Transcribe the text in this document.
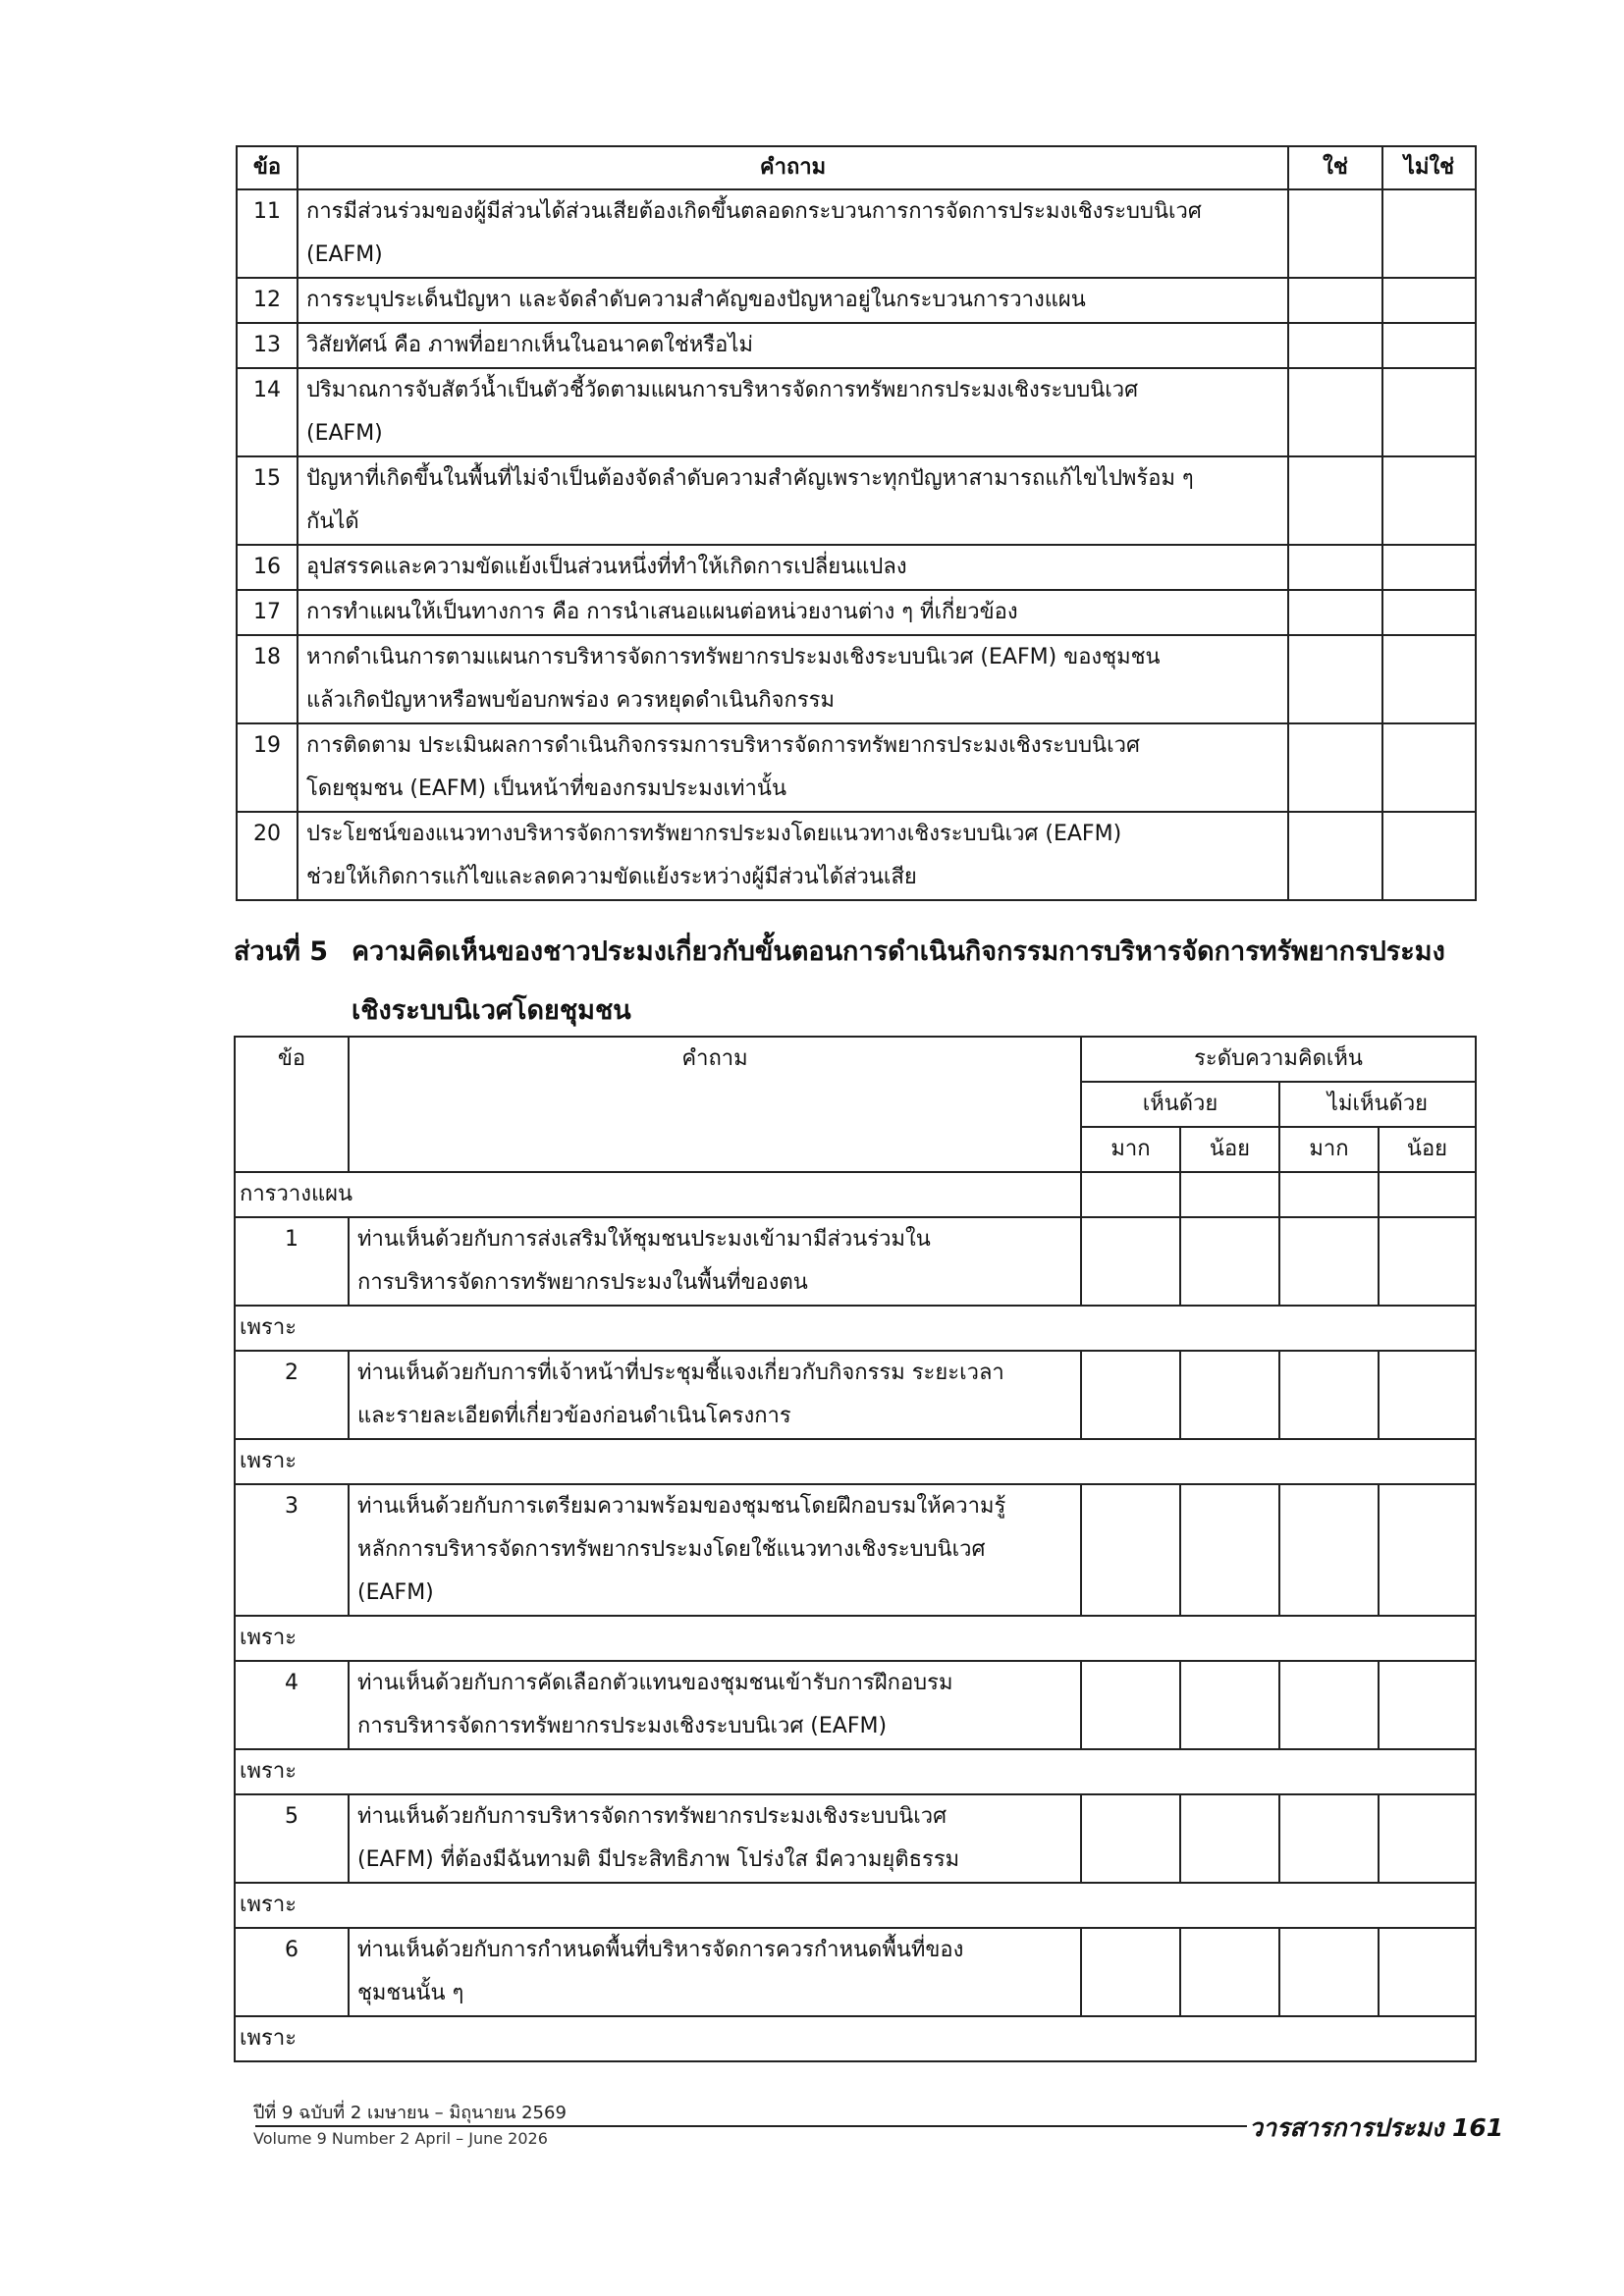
ข้อ	คำถาม	ใช่	ไม่ใช่
11	การมีส่วนร่วมของผู้มีส่วนได้ส่วนเสียต้องเกิดขึ้นตลอดกระบวนการการจัดการประมงเชิงระบบนิเวศ
(EAFM)		

12	การระบุประเด็นปัญหา และจัดลำดับความสำคัญของปัญหาอยู่ในกระบวนการวางแผน		

13	วิสัยทัศน์ คือ ภาพที่อยากเห็นในอนาคตใช่หรือไม่		

14	ปริมาณการจับสัตว์น้ำเป็นตัวชี้วัดตามแผนการบริหารจัดการทรัพยากรประมงเชิงระบบนิเวศ
(EAFM)		

15	ปัญหาที่เกิดขึ้นในพื้นที่ไม่จำเป็นต้องจัดลำดับความสำคัญเพราะทุกปัญหาสามารถแก้ไขไปพร้อม ๆ
กันได้		

16	อุปสรรคและความขัดแย้งเป็นส่วนหนึ่งที่ทำให้เกิดการเปลี่ยนแปลง		

17	การทำแผนให้เป็นทางการ คือ การนำเสนอแผนต่อหน่วยงานต่าง ๆ ที่เกี่ยวข้อง		

18	หากดำเนินการตามแผนการบริหารจัดการทรัพยากรประมงเชิงระบบนิเวศ (EAFM) ของชุมชน
แล้วเกิดปัญหาหรือพบข้อบกพร่อง ควรหยุดดำเนินกิจกรรม		

19	การติดตาม ประเมินผลการดำเนินกิจกรรมการบริหารจัดการทรัพยากรประมงเชิงระบบนิเวศ
โดยชุมชน (EAFM) เป็นหน้าที่ของกรมประมงเท่านั้น		

20	ประโยชน์ของแนวทางบริหารจัดการทรัพยากรประมงโดยแนวทางเชิงระบบนิเวศ (EAFM)
ช่วยให้เกิดการแก้ไขและลดความขัดแย้งระหว่างผู้มีส่วนได้ส่วนเสีย		

ส่วนที่ 5 ความคิดเห็นของชาวประมงเกี่ยวกับขั้นตอนการดำเนินกิจกรรมการบริหารจัดการทรัพยากรประมง
เชิงระบบนิเวศโดยชุมชน
ข้อ	คำถาม	ระดับความคิดเห็น			
		เห็นด้วย		ไม่เห็นด้วย	
		มาก	น้อย	มาก	น้อย
การวางแผน					
1	ท่านเห็นด้วยกับการส่งเสริมให้ชุมชนประมงเข้ามามีส่วนร่วมใน
การบริหารจัดการทรัพยากรประมงในพื้นที่ของตน				

เพราะ					
2	ท่านเห็นด้วยกับการที่เจ้าหน้าที่ประชุมชี้แจงเกี่ยวกับกิจกรรม ระยะเวลา
และรายละเอียดที่เกี่ยวข้องก่อนดำเนินโครงการ				

เพราะ					
3	ท่านเห็นด้วยกับการเตรียมความพร้อมของชุมชนโดยฝึกอบรมให้ความรู้
หลักการบริหารจัดการทรัพยากรประมงโดยใช้แนวทางเชิงระบบนิเวศ
(EAFM)				

เพราะ					
4	ท่านเห็นด้วยกับการคัดเลือกตัวแทนของชุมชนเข้ารับการฝึกอบรม
การบริหารจัดการทรัพยากรประมงเชิงระบบนิเวศ (EAFM)				

เพราะ					
5	ท่านเห็นด้วยกับการบริหารจัดการทรัพยากรประมงเชิงระบบนิเวศ
(EAFM) ที่ต้องมีฉันทามติ มีประสิทธิภาพ โปร่งใส มีความยุติธรรม				

เพราะ					
6	ท่านเห็นด้วยกับการกำหนดพื้นที่บริหารจัดการควรกำหนดพื้นที่ของ
ชุมชนนั้น ๆ				

เพราะ					
ปีที่ 9 ฉบับที่ 2 เมษายน – มิถุนายน 2569
Volume 9 Number 2 April – June 2026	วารสารการประมง 161
